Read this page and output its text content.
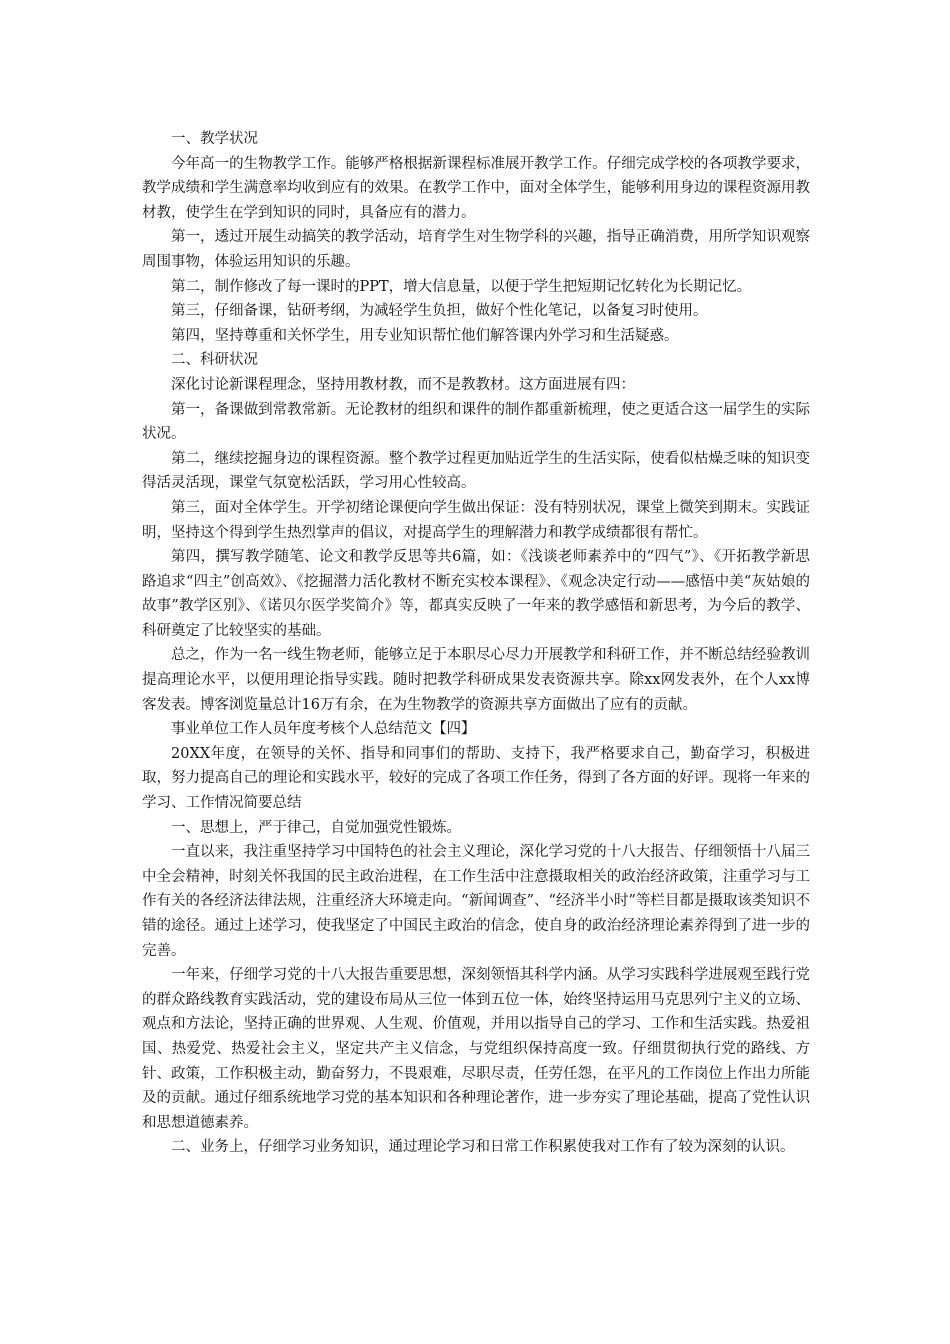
一、教学状况

今年高一的生物教学工作。能够严格根据新课程标准展开教学工作。仔细完成学校的各项教学要求，教学成绩和学生满意率均收到应有的效果。在教学工作中，面对全体学生，能够利用身边的课程资源用教材教，使学生在学到知识的同时，具备应有的潜力。

第一，透过开展生动搞笑的教学活动，培育学生对生物学科的兴趣，指导正确消费，用所学知识观察周围事物，体验运用知识的乐趣。

第二，制作修改了每一课时的PPT，增大信息量，以便于学生把短期记忆转化为长期记忆。

第三，仔细备课，钻研考纲，为减轻学生负担，做好个性化笔记，以备复习时使用。

第四，坚持尊重和关怀学生，用专业知识帮忙他们解答课内外学习和生活疑惑。

二、科研状况

深化讨论新课程理念，坚持用教材教，而不是教教材。这方面进展有四：

第一，备课做到常教常新。无论教材的组织和课件的制作都重新梳理，使之更适合这一届学生的实际状况。

第二，继续挖掘身边的课程资源。整个教学过程更加贴近学生的生活实际，使看似枯燥乏味的知识变得活灵活现，课堂气氛宽松活跃，学习用心性较高。

第三，面对全体学生。开学初绪论课便向学生做出保证：没有特别状况，课堂上微笑到期末。实践证明，坚持这个得到学生热烈掌声的倡议，对提高学生的理解潜力和教学成绩都很有帮忙。

第四，撰写教学随笔、论文和教学反思等共6篇，如：《浅谈老师素养中的“四气”》、《开拓教学新思路追求“四主”创高效》、《挖掘潜力活化教材不断充实校本课程》、《观念决定行动——感悟中美“灰姑娘的故事”教学区别》、《诺贝尔医学奖简介》等，都真实反映了一年来的教学感悟和新思考，为今后的教学、科研奠定了比较坚实的基础。

总之，作为一名一线生物老师，能够立足于本职尽心尽力开展教学和科研工作，并不断总结经验教训提高理论水平，以便用理论指导实践。随时把教学科研成果发表资源共享。除xx网发表外，在个人xx博客发表。博客浏览量总计16万有余，在为生物教学的资源共享方面做出了应有的贡献。

事业单位工作人员年度考核个人总结范文【四】

20XX年度，在领导的关怀、指导和同事们的帮助、支持下，我严格要求自己，勤奋学习，积极进取，努力提高自己的理论和实践水平，较好的完成了各项工作任务，得到了各方面的好评。现将一年来的学习、工作情况简要总结

一、思想上，严于律己，自觉加强党性锻炼。

一直以来，我注重坚持学习中国特色的社会主义理论，深化学习党的十八大报告、仔细领悟十八届三中全会精神，时刻关怀我国的民主政治进程，在工作生活中注意摄取相关的政治经济政策，注重学习与工作有关的各经济法律法规，注重经济大环境走向。“新闻调查”、“经济半小时”等栏目都是摄取该类知识不错的途径。通过上述学习，使我坚定了中国民主政治的信念，使自身的政治经济理论素养得到了进一步的完善。

一年来，仔细学习党的十八大报告重要思想，深刻领悟其科学内涵。从学习实践科学进展观至践行党的群众路线教育实践活动，党的建设布局从三位一体到五位一体，始终坚持运用马克思列宁主义的立场、观点和方法论，坚持正确的世界观、人生观、价值观，并用以指导自己的学习、工作和生活实践。热爱祖国、热爱党、热爱社会主义，坚定共产主义信念，与党组织保持高度一致。仔细贯彻执行党的路线、方针、政策，工作积极主动，勤奋努力，不畏艰难，尽职尽责，任劳任怨，在平凡的工作岗位上作出力所能及的贡献。通过仔细系统地学习党的基本知识和各种理论著作，进一步夯实了理论基础，提高了党性认识和思想道德素养。

二、业务上，仔细学习业务知识，通过理论学习和日常工作积累使我对工作有了较为深刻的认识。
